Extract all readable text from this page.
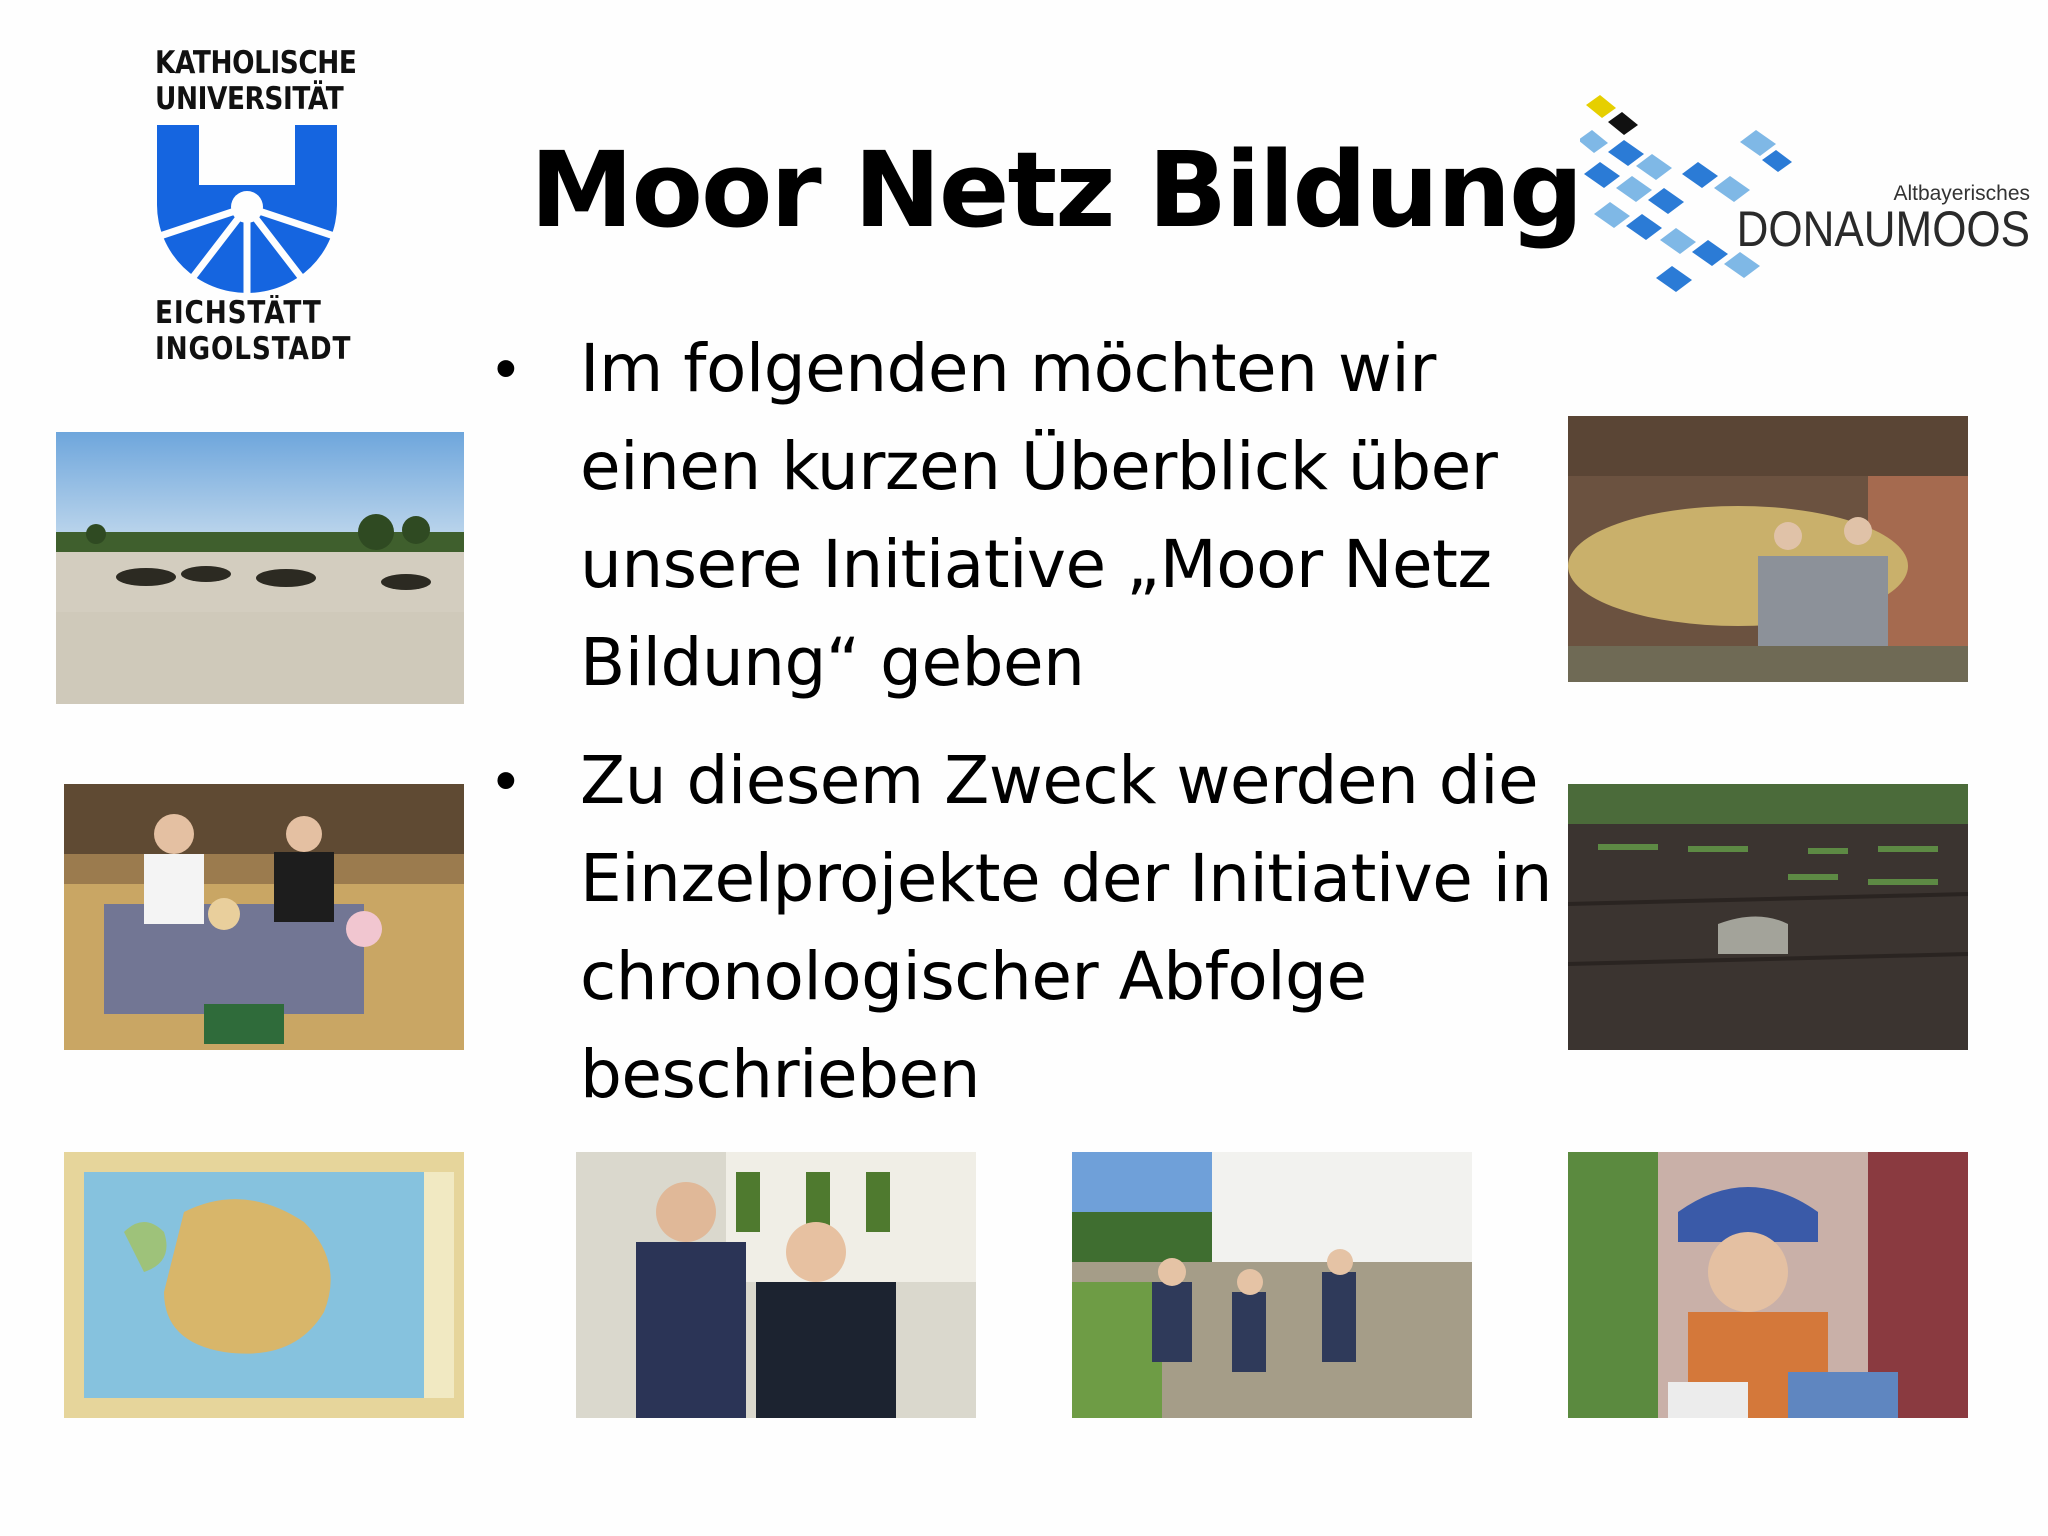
KATHOLISCHE
UNIVERSITÄT
EICHSTÄTT
INGOLSTADT
Moor Netz Bildung	Altbayerisches
DONAUMOOS
• Im folgenden möchten wir einen kurzen Überblick über unsere Initiative „Moor Netz Bildung“ geben
• Zu diesem Zweck werden die Einzelprojekte der Initiative in chronologischer Abfolge beschrieben
